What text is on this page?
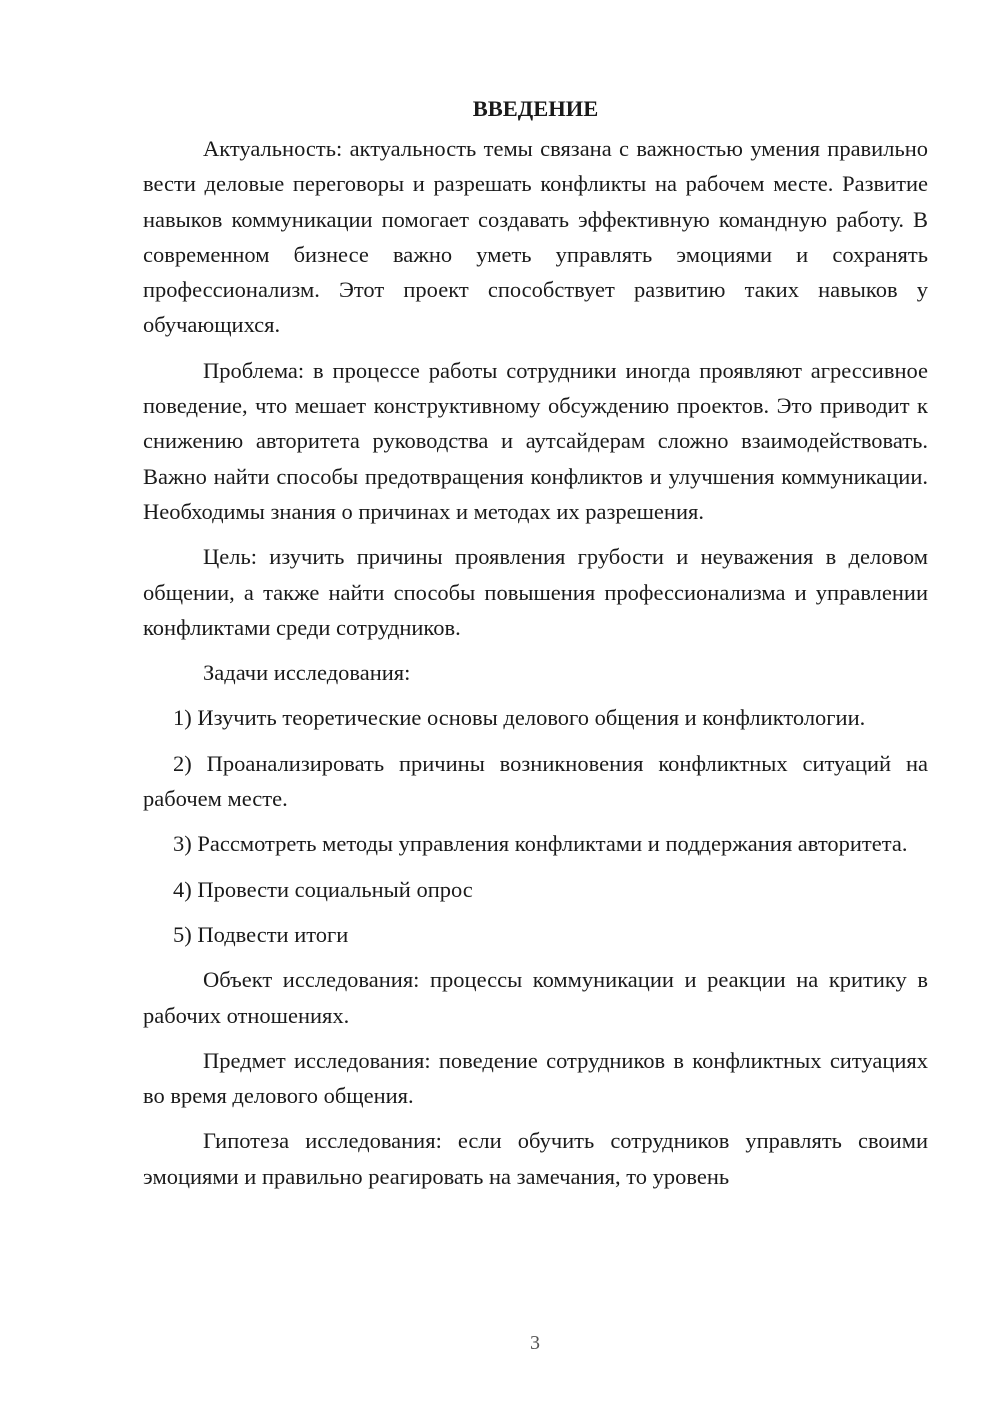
ВВЕДЕНИЕ

Актуальность: актуальность темы связана с важностью умения правильно вести деловые переговоры и разрешать конфликты на рабочем месте. Развитие навыков коммуникации помогает создавать эффективную командную работу. В современном бизнесе важно уметь управлять эмоциями и сохранять профессионализм. Этот проект способствует развитию таких навыков у обучающихся.

Проблема: в процессе работы сотрудники иногда проявляют агрессивное поведение, что мешает конструктивному обсуждению проектов. Это приводит к снижению авторитета руководства и аутсайдерам сложно взаимодействовать. Важно найти способы предотвращения конфликтов и улучшения коммуникации. Необходимы знания о причинах и методах их разрешения.

Цель: изучить причины проявления грубости и неуважения в деловом общении, а также найти способы повышения профессионализма и управлении конфликтами среди сотрудников.

Задачи исследования:

1) Изучить теоретические основы делового общения и конфликтологии.

2) Проанализировать причины возникновения конфликтных ситуаций на рабочем месте.

3) Рассмотреть методы управления конфликтами и поддержания авторитета.

4) Провести социальный опрос

5) Подвести итоги

Объект исследования: процессы коммуникации и реакции на критику в рабочих отношениях.

Предмет исследования: поведение сотрудников в конфликтных ситуациях во время делового общения.

Гипотеза исследования: если обучить сотрудников управлять своими эмоциями и правильно реагировать на замечания, то уровень

3
